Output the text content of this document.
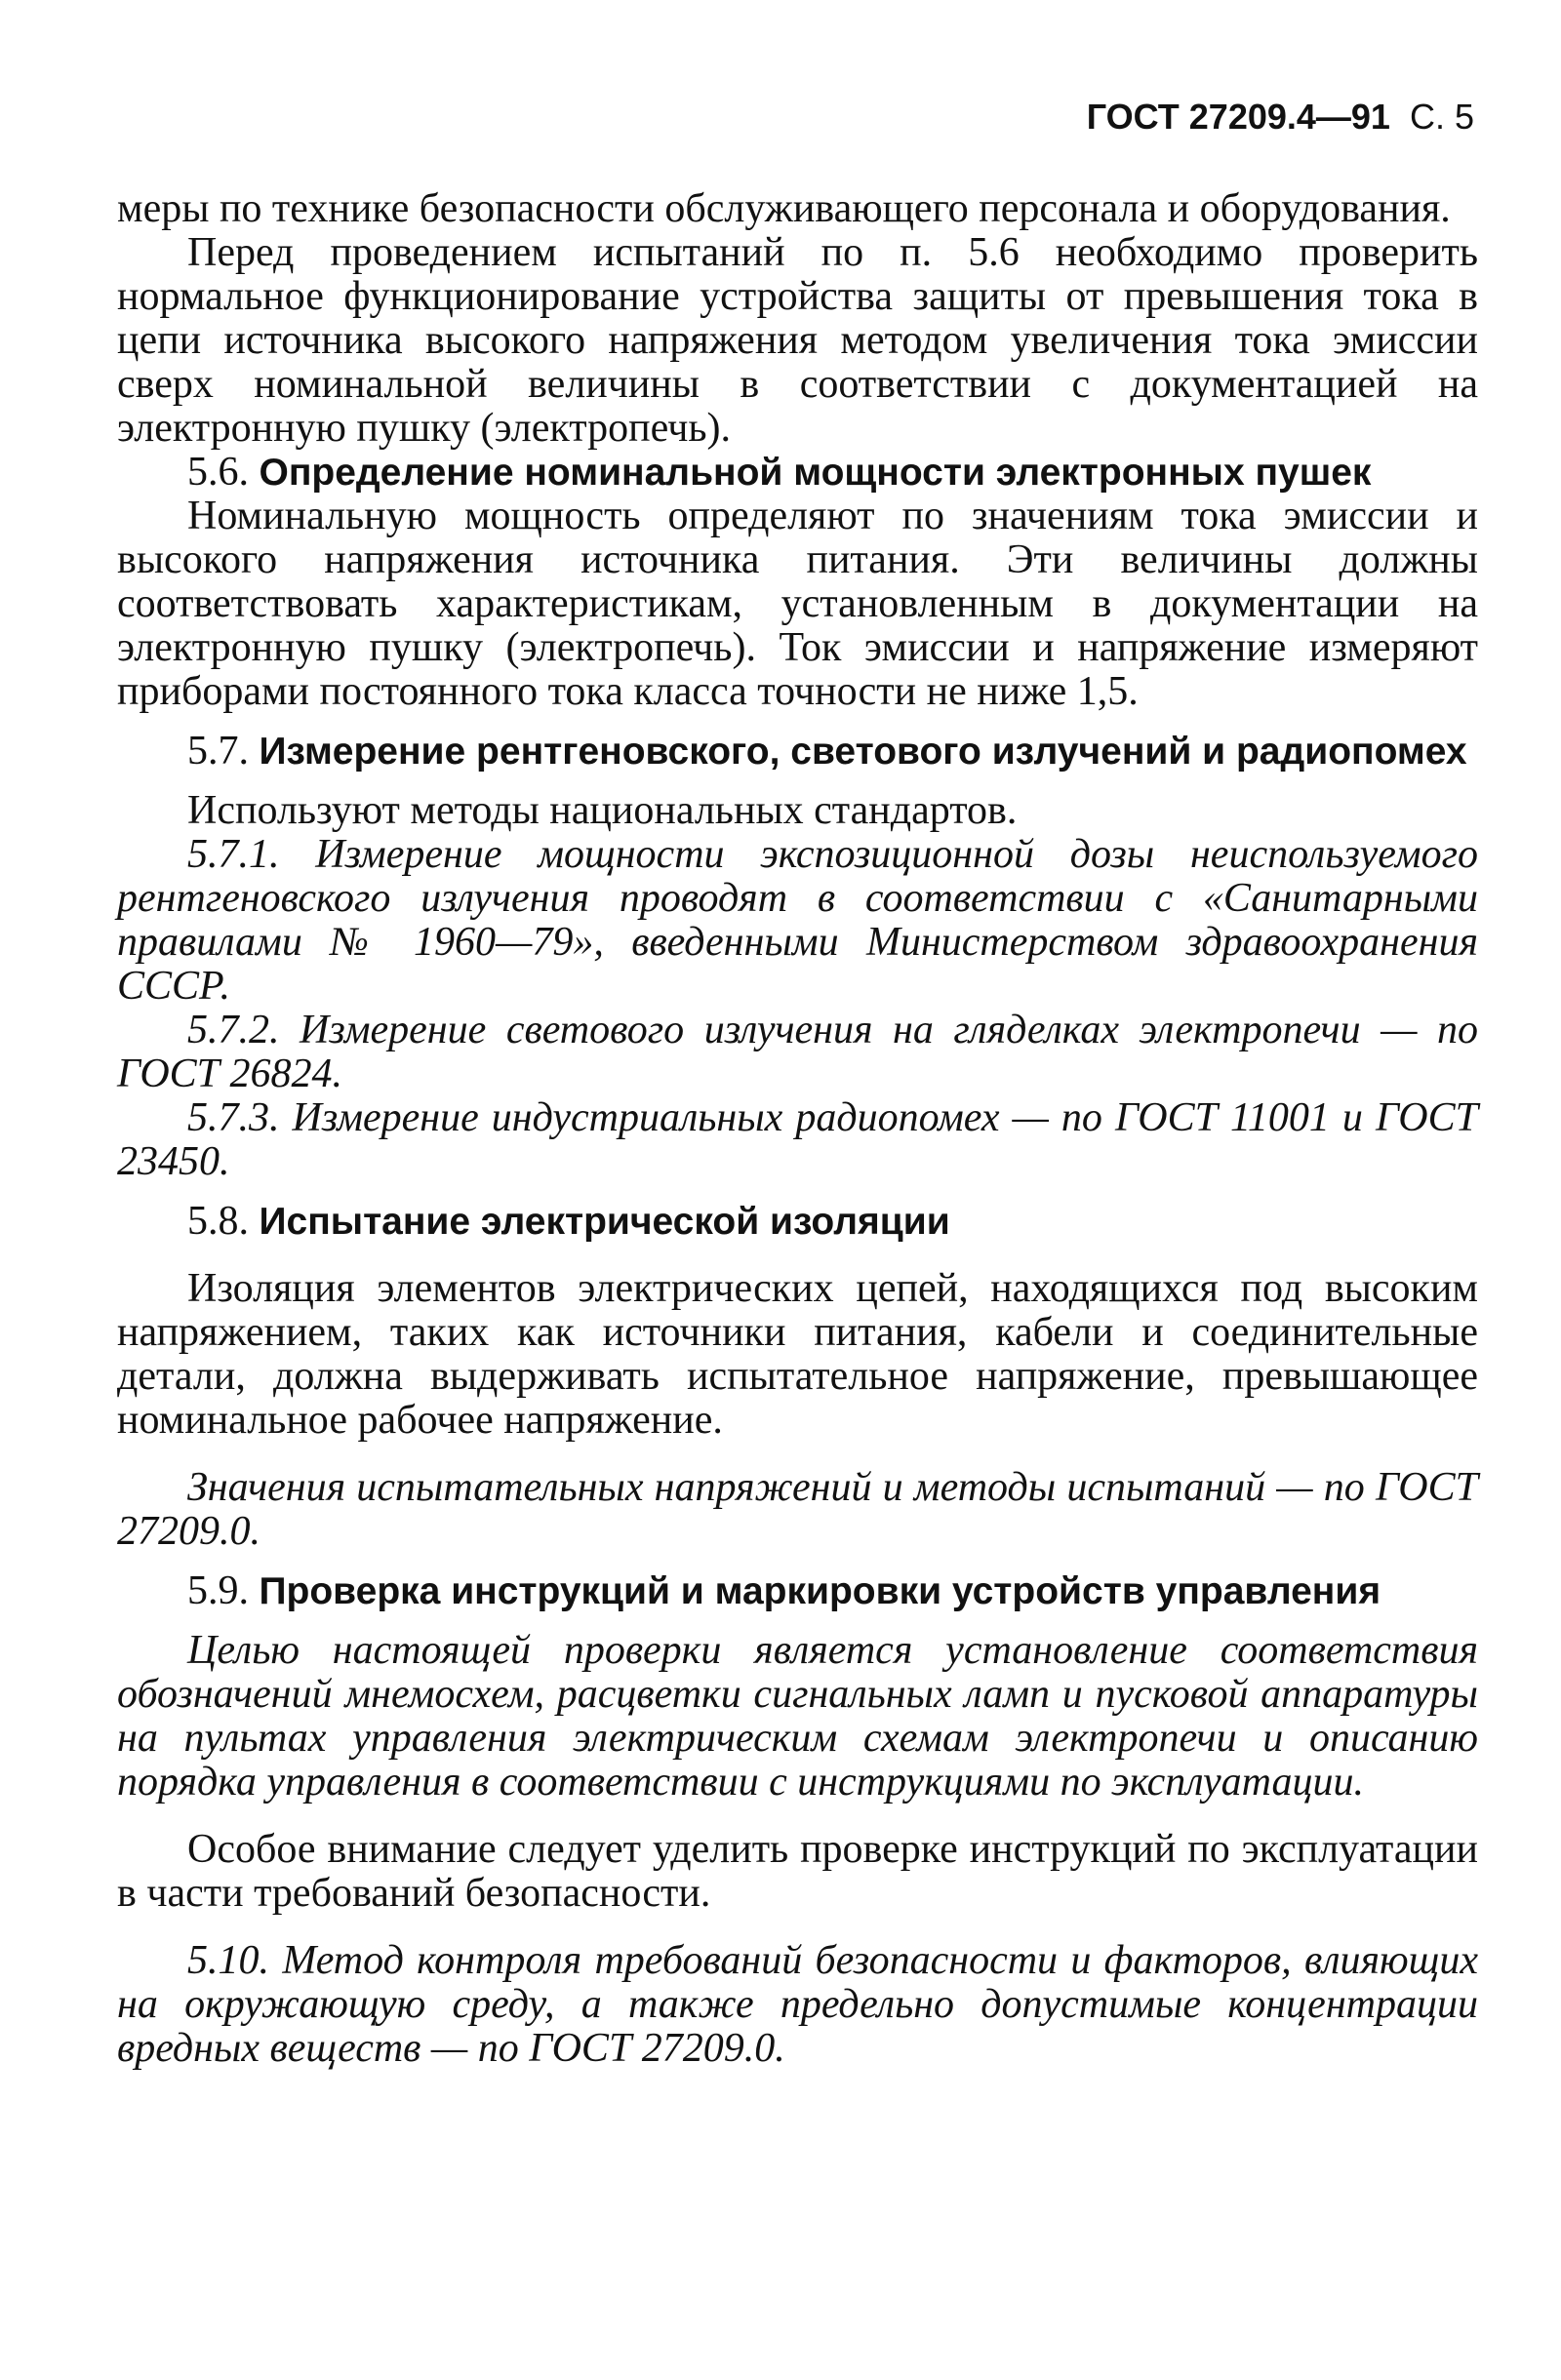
ГОСТ 27209.4—91 С. 5

меры по технике безопасности обслуживающего персонала и оборудования.

Перед проведением испытаний по п. 5.6 необходимо проверить нормальное функционирование устройства защиты от превышения тока в цепи источника высокого напряжения методом увеличения тока эмиссии сверх номинальной величины в соответствии с документацией на электронную пушку (электропечь).

5.6. Определение номинальной мощности электронных пушек

Номинальную мощность определяют по значениям тока эмиссии и высокого напряжения источника питания. Эти величины должны соответствовать характеристикам, установленным в документации на электронную пушку (электропечь). Ток эмиссии и напряжение измеряют приборами постоянного тока класса точности не ниже 1,5.

5.7. Измерение рентгеновского, светового излучений и радиопомех

Используют методы национальных стандартов.

5.7.1. Измерение мощности экспозиционной дозы неиспользуемого рентгеновского излучения проводят в соответствии с «Санитарными правилами № 1960—79», введенными Министерством здравоохранения СССР.

5.7.2. Измерение светового излучения на гляделках электропечи — по ГОСТ 26824.

5.7.3. Измерение индустриальных радиопомех — по ГОСТ 11001 и ГОСТ 23450.

5.8. Испытание электрической изоляции

Изоляция элементов электрических цепей, находящихся под высоким напряжением, таких как источники питания, кабели и соединительные детали, должна выдерживать испытательное напряжение, превышающее номинальное рабочее напряжение.

Значения испытательных напряжений и методы испытаний — по ГОСТ 27209.0.

5.9. Проверка инструкций и маркировки устройств управления

Целью настоящей проверки является установление соответствия обозначений мнемосхем, расцветки сигнальных ламп и пусковой аппаратуры на пультах управления электрическим схемам электропечи и описанию порядка управления в соответствии с инструкциями по эксплуатации.

Особое внимание следует уделить проверке инструкций по эксплуатации в части требований безопасности.

5.10. Метод контроля требований безопасности и факторов, влияющих на окружающую среду, а также предельно допустимые концентрации вредных веществ — по ГОСТ 27209.0.
